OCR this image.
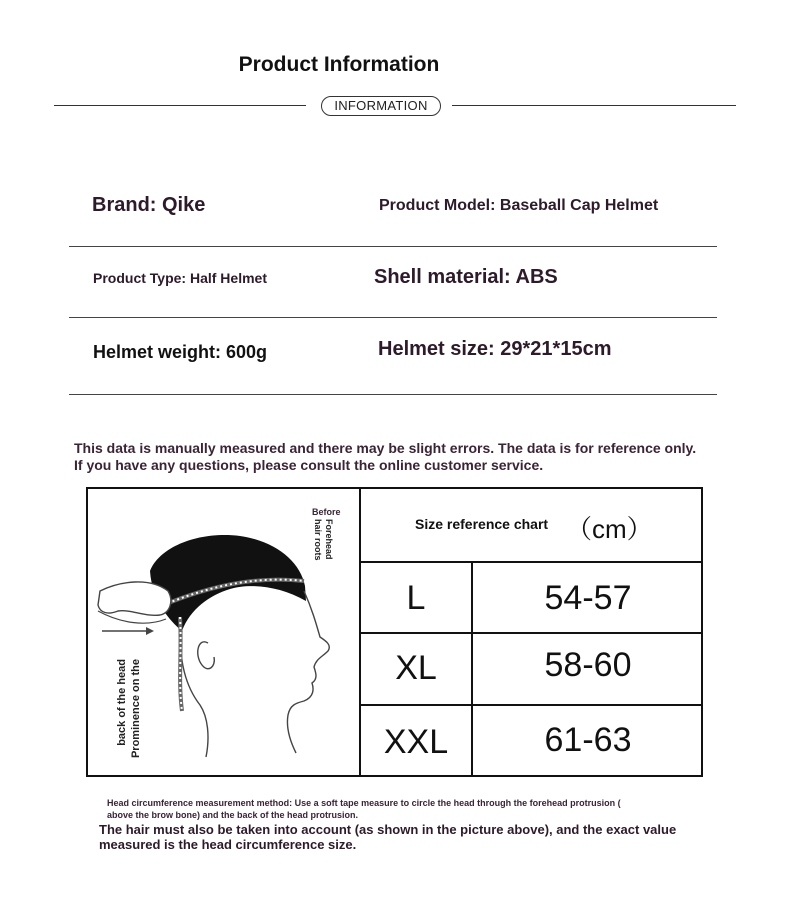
Product Information
INFORMATION
Brand: Qike	Product Model: Baseball Cap Helmet
Product Type: Half Helmet	Shell material: ABS
Helmet weight: 600g	Helmet size: 29*21*15cm
This data is manually measured and there may be slight errors. The data is for reference only.
If you have any questions, please consult the online customer service.
Size reference chart （cm）
L	54-57
XL	58-60
XXL	61-63
Before
Forehead
hair roots
Prominence on the
back of the head
Head circumference measurement method: Use a soft tape measure to circle the head through the forehead protrusion (
above the brow bone) and the back of the head protrusion.
The hair must also be taken into account (as shown in the picture above), and the exact value
measured is the head circumference size.
